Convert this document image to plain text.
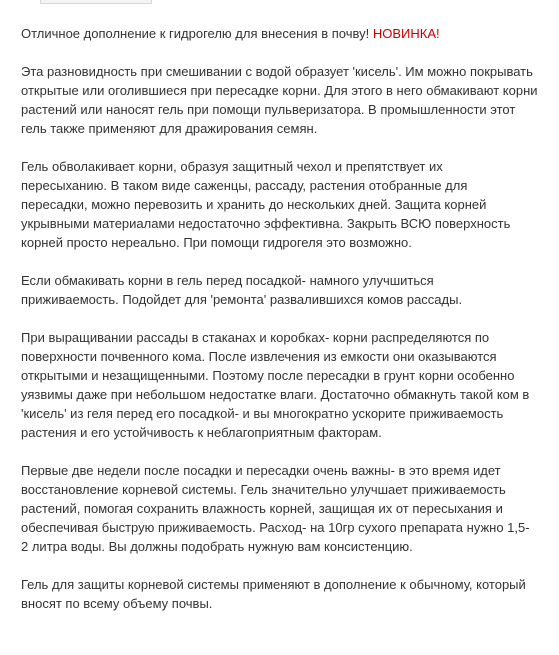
Отличное дополнение к гидрогелю для внесения в почву! НОВИНКА!

Эта разновидность при смешивании с водой образует 'кисель'. Им можно покрывать
открытые или оголившиеся при пересадке корни. Для этого в него обмакивают корни
растений или наносят гель при помощи пульверизатора. В промышленности этот
гель также применяют для дражирования семян.

Гель обволакивает корни, образуя защитный чехол и препятствует их
пересыханию. В таком виде саженцы, рассаду, растения отобранные для
пересадки, можно перевозить и хранить до нескольких дней. Защита корней
укрывными материалами недостаточно эффективна. Закрыть ВСЮ поверхность
корней просто нереально. При помощи гидрогеля это возможно.

Если обмакивать корни в гель перед посадкой- намного улучшиться
приживаемость. Подойдет для 'ремонта' развалившихся комов рассады.

При выращивании рассады в стаканах и коробках- корни распределяются по
поверхности почвенного кома. После извлечения из емкости они оказываются
открытыми и незащищенными. Поэтому после пересадки в грунт корни особенно
уязвимы даже при небольшом недостатке влаги. Достаточно обмакнуть такой ком в
'кисель' из геля перед его посадкой- и вы многократно ускорите приживаемость
растения и его устойчивость к неблагоприятным факторам.

Первые две недели после посадки и пересадки очень важны- в это время идет
восстановление корневой системы. Гель значительно улучшает приживаемость
растений, помогая сохранить влажность корней, защищая их от пересыхания и
обеспечивая быструю приживаемость. Расход- на 10гр сухого препарата нужно 1,5-
2 литра воды. Вы должны подобрать нужную вам консистенцию.

Гель для защиты корневой системы применяют в дополнение к обычному, который
вносят по всему объему почвы.
